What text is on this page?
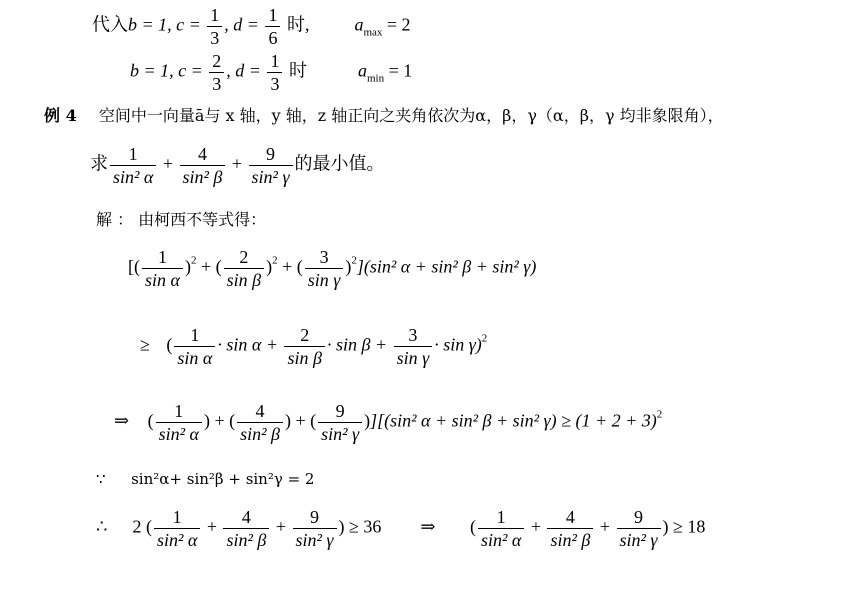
代入b = 1, $c = \frac{1}{3}$ , $d = \frac{1}{6}$ 时,	$a_{max} = 2$
b = 1, $c = \frac{2}{3}$ , $d = \frac{1}{3}$ 时	$a_{min} = 1$
例 4 空间中一向量ā与 x 轴，y 轴，z 轴正向之夹角依次为α，β，γ（α，β，γ 均非象限角），
求 $\frac{1}{\text{sin² α}} + \frac{4}{\text{sin² β}} + \frac{9}{\text{sin² γ}}$ 的最小值。
解 ： 由柯西不等式得：
[( $\frac{1}{\text{sin α}} )^2$ + ( $\frac{2}{\text{sin β}} )^2$ + ( $\frac{3}{\text{sin γ}} )^2](\sin^2$ α + sin² β + sin² γ)
≥ ( $\frac{1}{\text{sin α}} \cdot \sin \alpha + \frac{2}{\text{sin β}} \cdot \sin \beta + \frac{3}{\text{sin γ}} \cdot \sin \gamma)^2$
⇒ ( $\frac{1}{\text{sin² α}}$ ) + ( $\frac{4}{\text{sin² β}}$ ) + ( $\frac{9}{\text{sin² γ}} )][(\sin^2$ α + sin² β + sin² $\gamma) \ge (1 + 2 + 3)^2$
∵ sin²α+ sin²β + sin²γ = 2
∴ 2 ( $\frac{1}{\text{sin² α}} + \frac{4}{\text{sin² β}} + \frac{9}{\text{sin² γ}}$ ) ≥ 36 ⇒ ( $\frac{1}{\text{sin² α}} + \frac{4}{\text{sin² β}} + \frac{9}{\text{sin² γ}}$ ) ≥ 18
